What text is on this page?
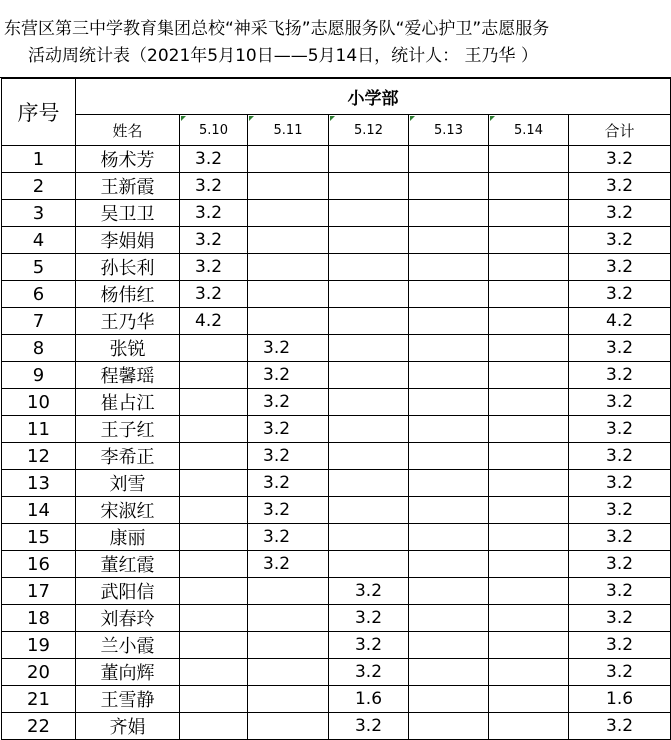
东营区第三中学教育集团总校“神采飞扬”志愿服务队“爱心护卫”志愿服务
活动周统计表（2021年5月10日——5月14日，统计人： 王乃华 ）
序号	小学部						
	姓名	5.10	5.11	5.12	5.13	5.14	合计
1	杨术芳	3.2					3.2
2	王新霞	3.2					3.2
3	吴卫卫	3.2					3.2
4	李娟娟	3.2					3.2
5	孙长利	3.2					3.2
6	杨伟红	3.2					3.2
7	王乃华	4.2					4.2
8	张锐		3.2				3.2
9	程馨瑶		3.2				3.2
10	崔占江		3.2				3.2
11	王子红		3.2				3.2
12	李希正		3.2				3.2
13	刘雪		3.2				3.2
14	宋淑红		3.2				3.2
15	康丽		3.2				3.2
16	董红霞		3.2				3.2
17	武阳信			3.2			3.2
18	刘春玲			3.2			3.2
19	兰小霞			3.2			3.2
20	董向辉			3.2			3.2
21	王雪静			1.6			1.6
22	齐娟			3.2			3.2
